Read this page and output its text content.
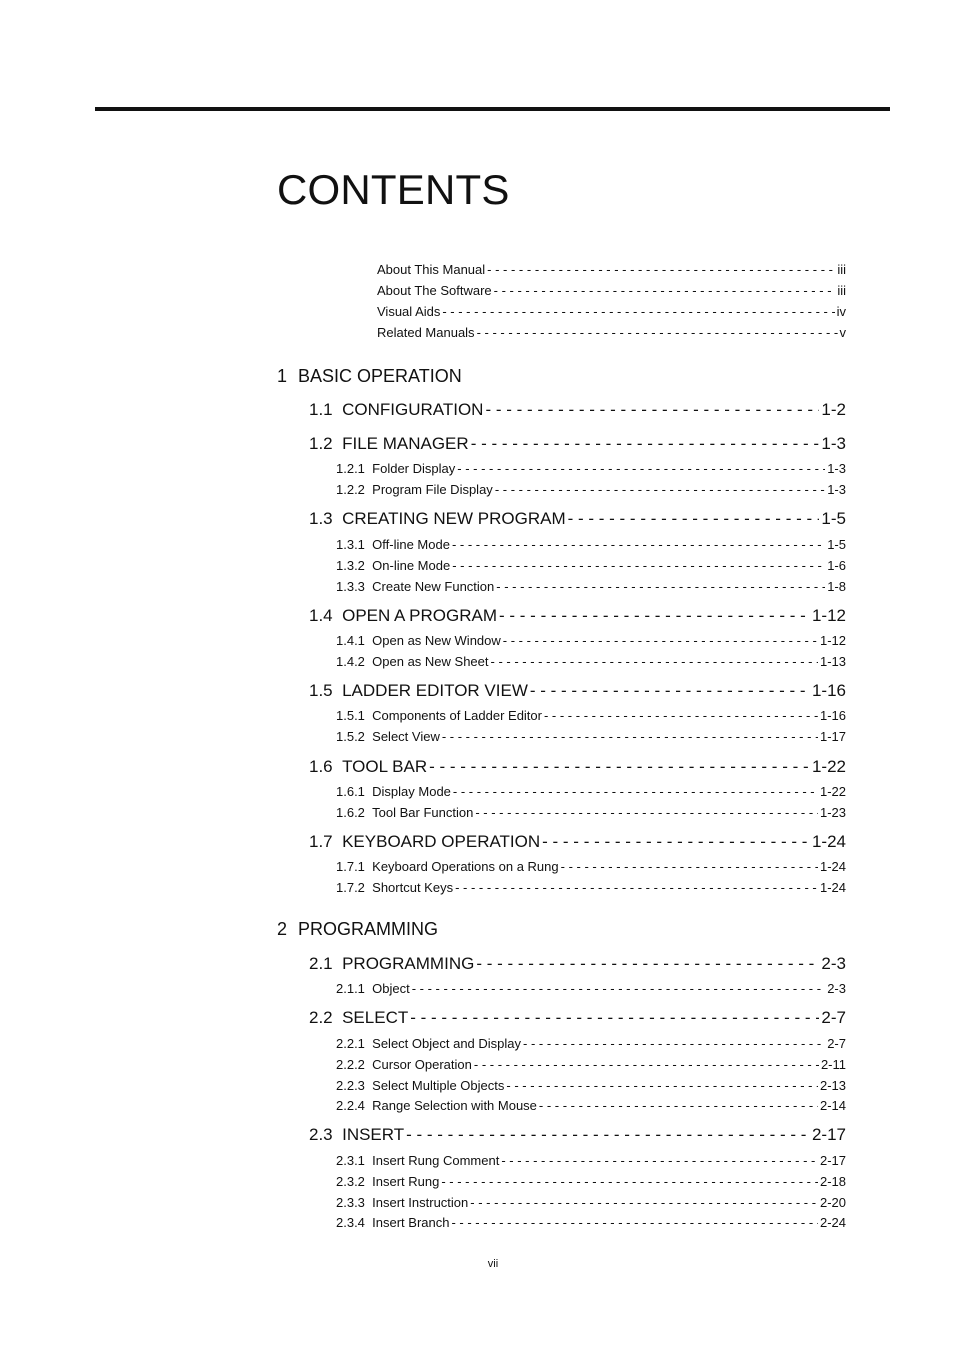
CONTENTS
About This Manual - - -	iii
About The Software - - -	iii
Visual Aids - - -	iv
Related Manuals - - -	v
1 BASIC OPERATION
1.1 CONFIGURATION - - -	1-2
1.2 FILE MANAGER - - -	1-3
1.2.1 Folder Display - - -	1-3
1.2.2 Program File Display - - -	1-3
1.3 CREATING NEW PROGRAM - - -	1-5
1.3.1 Off-line Mode - - -	1-5
1.3.2 On-line Mode - - -	1-6
1.3.3 Create New Function - - -	1-8
1.4 OPEN A PROGRAM - - -	1-12
1.4.1 Open as New Window - - -	1-12
1.4.2 Open as New Sheet - - -	1-13
1.5 LADDER EDITOR VIEW - - -	1-16
1.5.1 Components of Ladder Editor - - -	1-16
1.5.2 Select View - - -	1-17
1.6 TOOL BAR - - -	1-22
1.6.1 Display Mode - - -	1-22
1.6.2 Tool Bar Function - - -	1-23
1.7 KEYBOARD OPERATION - - -	1-24
1.7.1 Keyboard Operations on a Rung - - -	1-24
1.7.2 Shortcut Keys - - -	1-24
2 PROGRAMMING
2.1 PROGRAMMING - - -	2-3
2.1.1 Object - - -	2-3
2.2 SELECT - - -	2-7
2.2.1 Select Object and Display - - -	2-7
2.2.2 Cursor Operation - - -	2-11
2.2.3 Select Multiple Objects - - -	2-13
2.2.4 Range Selection with Mouse - - -	2-14
2.3 INSERT - - -	2-17
2.3.1 Insert Rung Comment - - -	2-17
2.3.2 Insert Rung - - -	2-18
2.3.3 Insert Instruction - - -	2-20
2.3.4 Insert Branch - - -	2-24
vii
